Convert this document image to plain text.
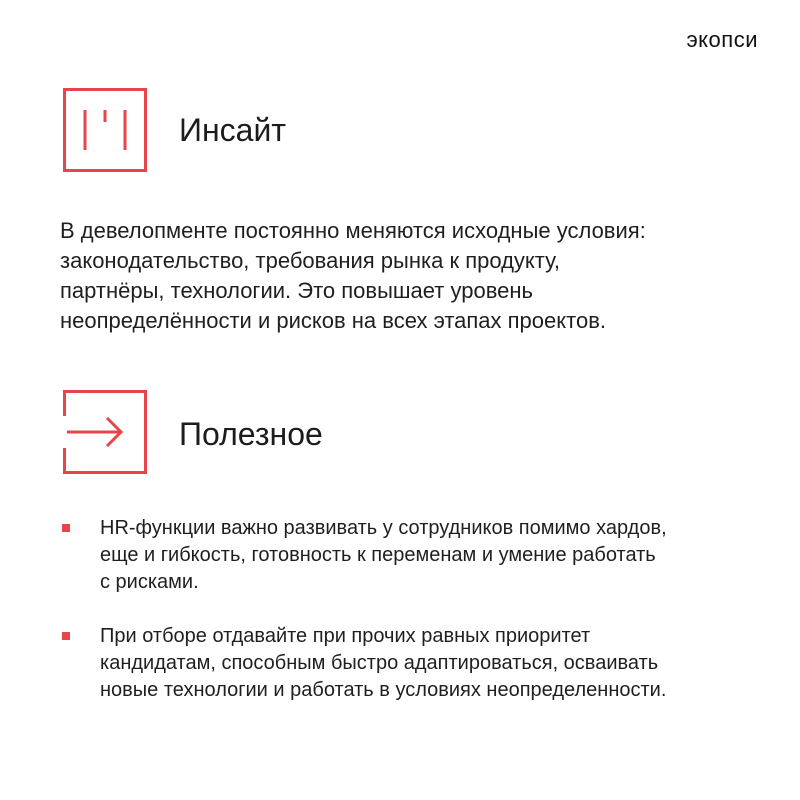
экопси
Инсайт
В девелопменте постоянно меняются исходные условия:
законодательство, требования рынка к продукту,
партнёры, технологии. Это повышает уровень
неопределённости и рисков на всех этапах проектов.
Полезное
HR-функции важно развивать у сотрудников помимо хардов,
еще и гибкость, готовность к переменам и умение работать
с рисками.
При отборе отдавайте при прочих равных приоритет
кандидатам, способным быстро адаптироваться, осваивать
новые технологии и работать в условиях неопределенности.
